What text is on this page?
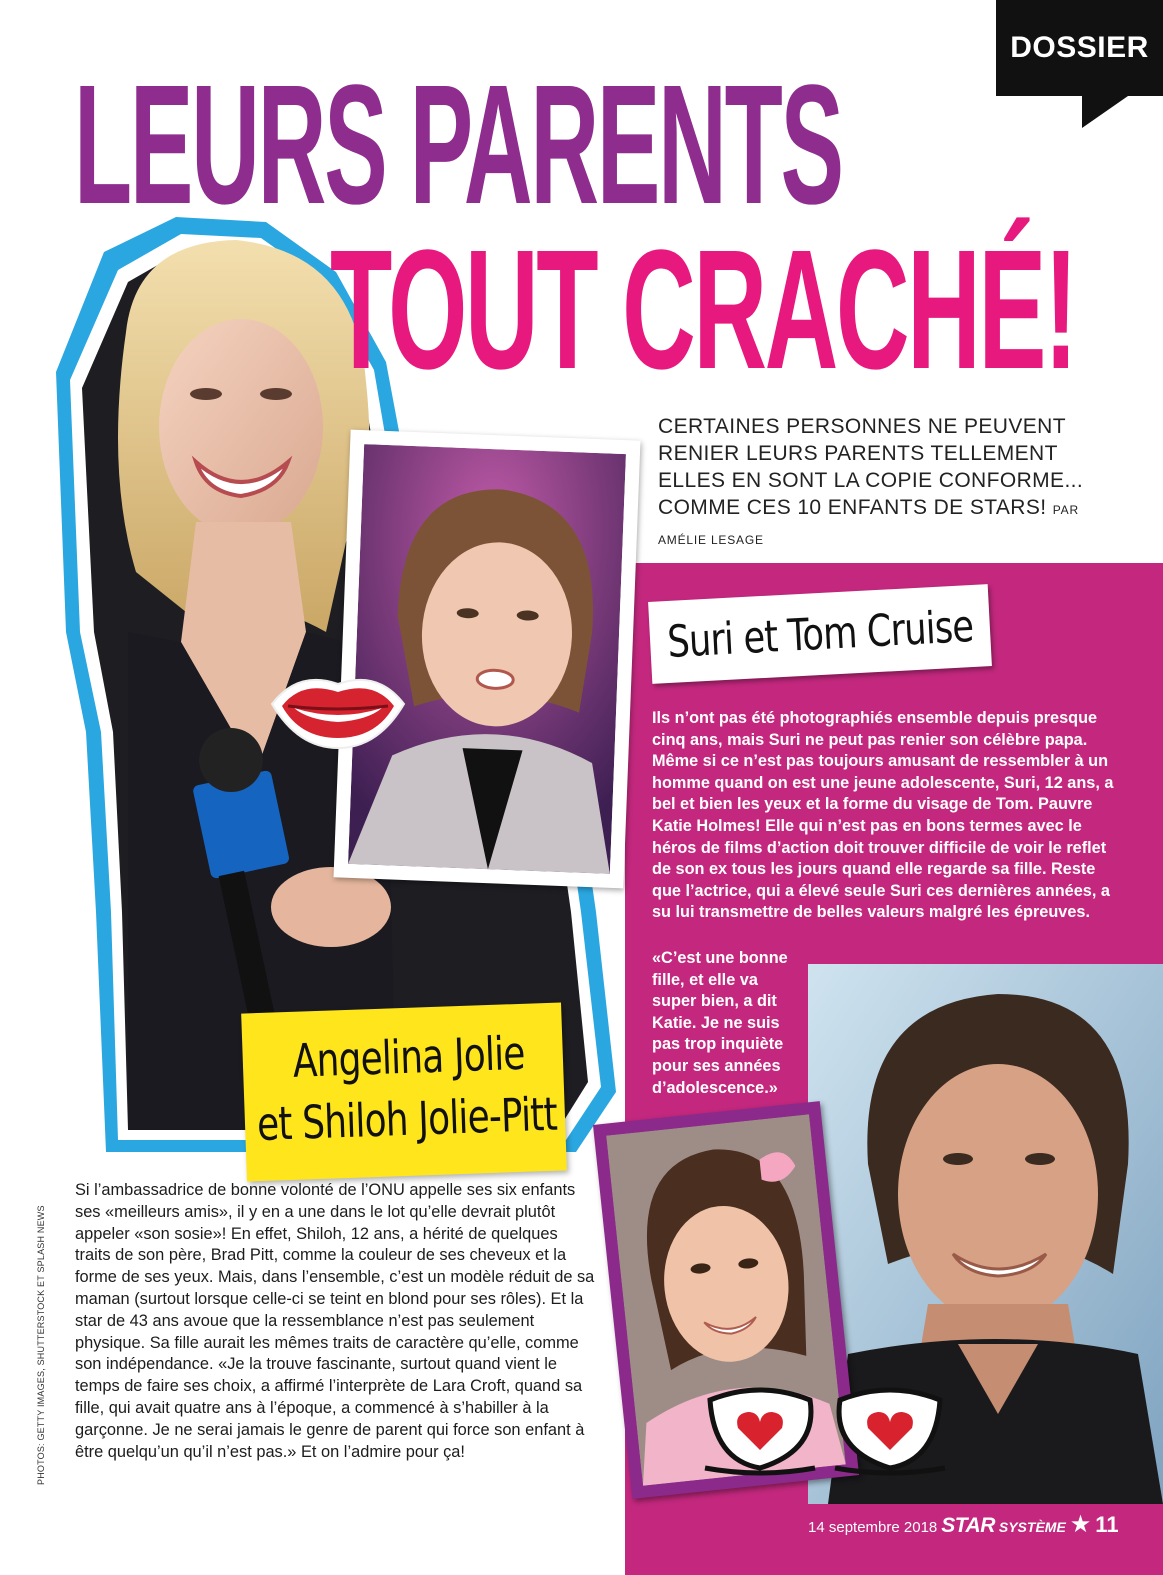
DOSSIER
LEURS PARENTS
TOUT CRACHÉ!
CERTAINES PERSONNES NE PEUVENT RENIER LEURS PARENTS TELLEMENT ELLES EN SONT LA COPIE CONFORME... COMME CES 10 ENFANTS DE STARS! PAR AMÉLIE LESAGE
Suri et Tom Cruise
Ils n’ont pas été photographiés ensemble depuis presque cinq ans, mais Suri ne peut pas renier son célèbre papa. Même si ce n’est pas toujours amusant de ressembler à un homme quand on est une jeune adolescente, Suri, 12 ans, a bel et bien les yeux et la forme du visage de Tom. Pauvre Katie Holmes! Elle qui n’est pas en bons termes avec le héros de films d’action doit trouver difficile de voir le reflet de son ex tous les jours quand elle regarde sa fille. Reste que l’actrice, qui a élevé seule Suri ces dernières années, a su lui transmettre de belles valeurs malgré les épreuves.
«C’est une bonne fille, et elle va super bien, a dit Katie. Je ne suis pas trop inquiète pour ses années d’adolescence.»
Angelina Jolie
et Shiloh Jolie-Pitt
Si l’ambassadrice de bonne volonté de l’ONU appelle ses six enfants ses «meilleurs amis», il y en a une dans le lot qu’elle devrait plutôt appeler «son sosie»! En effet, Shiloh, 12 ans, a hérité de quelques traits de son père, Brad Pitt, comme la couleur de ses cheveux et la forme de ses yeux. Mais, dans l’ensemble, c’est un modèle réduit de sa maman (surtout lorsque celle-ci se teint en blond pour ses rôles). Et la star de 43 ans avoue que la ressemblance n’est pas seulement physique. Sa fille aurait les mêmes traits de caractère qu’elle, comme son indépendance. «Je la trouve fascinante, surtout quand vient le temps de faire ses choix, a affirmé l’interprète de Lara Croft, quand sa fille, qui avait quatre ans à l’époque, a commencé à s’habiller à la garçonne. Je ne serai jamais le genre de parent qui force son enfant à être quelqu’un qu’il n’est pas.» Et on l’admire pour ça!
PHOTOS: GETTY IMAGES, SHUTTERSTOCK ET SPLASH NEWS
14 septembre 2018 STAR SYSTÈME ★ 11
